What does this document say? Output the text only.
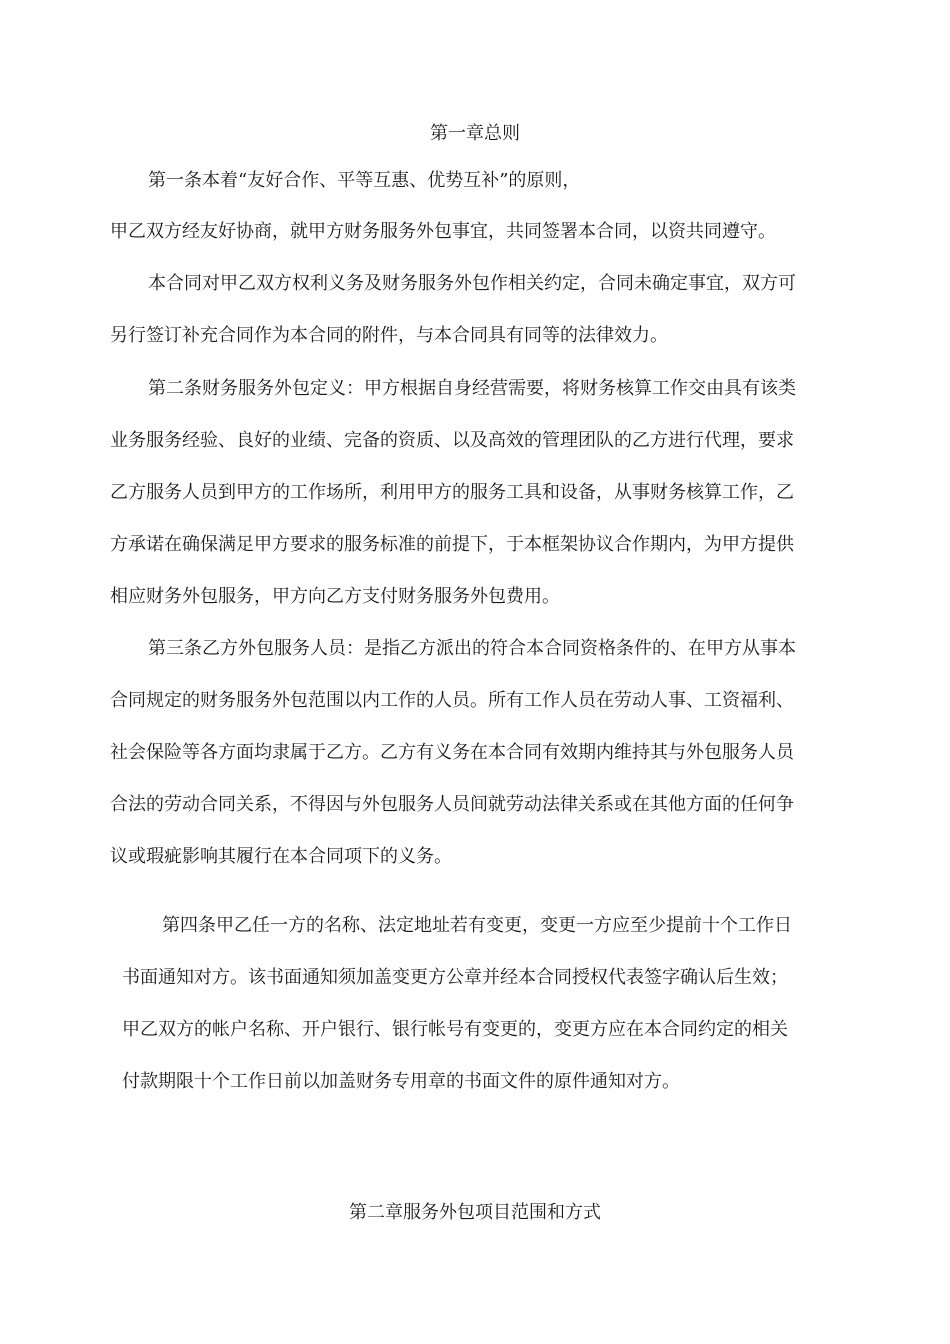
第一章总则
第一条本着“友好合作、平等互惠、优势互补”的原则，
甲乙双方经友好协商，就甲方财务服务外包事宜，共同签署本合同，以资共同遵守。
本合同对甲乙双方权利义务及财务服务外包作相关约定，合同未确定事宜，双方可
另行签订补充合同作为本合同的附件，与本合同具有同等的法律效力。
第二条财务服务外包定义：甲方根据自身经营需要，将财务核算工作交由具有该类
业务服务经验、良好的业绩、完备的资质、以及高效的管理团队的乙方进行代理，要求
乙方服务人员到甲方的工作场所，利用甲方的服务工具和设备，从事财务核算工作，乙
方承诺在确保满足甲方要求的服务标准的前提下，于本框架协议合作期内，为甲方提供
相应财务外包服务，甲方向乙方支付财务服务外包费用。
第三条乙方外包服务人员：是指乙方派出的符合本合同资格条件的、在甲方从事本
合同规定的财务服务外包范围以内工作的人员。所有工作人员在劳动人事、工资福利、
社会保险等各方面均隶属于乙方。乙方有义务在本合同有效期内维持其与外包服务人员
合法的劳动合同关系，不得因与外包服务人员间就劳动法律关系或在其他方面的任何争
议或瑕疵影响其履行在本合同项下的义务。
第四条甲乙任一方的名称、法定地址若有变更，变更一方应至少提前十个工作日
书面通知对方。该书面通知须加盖变更方公章并经本合同授权代表签字确认后生效；
甲乙双方的帐户名称、开户银行、银行帐号有变更的，变更方应在本合同约定的相关
付款期限十个工作日前以加盖财务专用章的书面文件的原件通知对方。
第二章服务外包项目范围和方式
